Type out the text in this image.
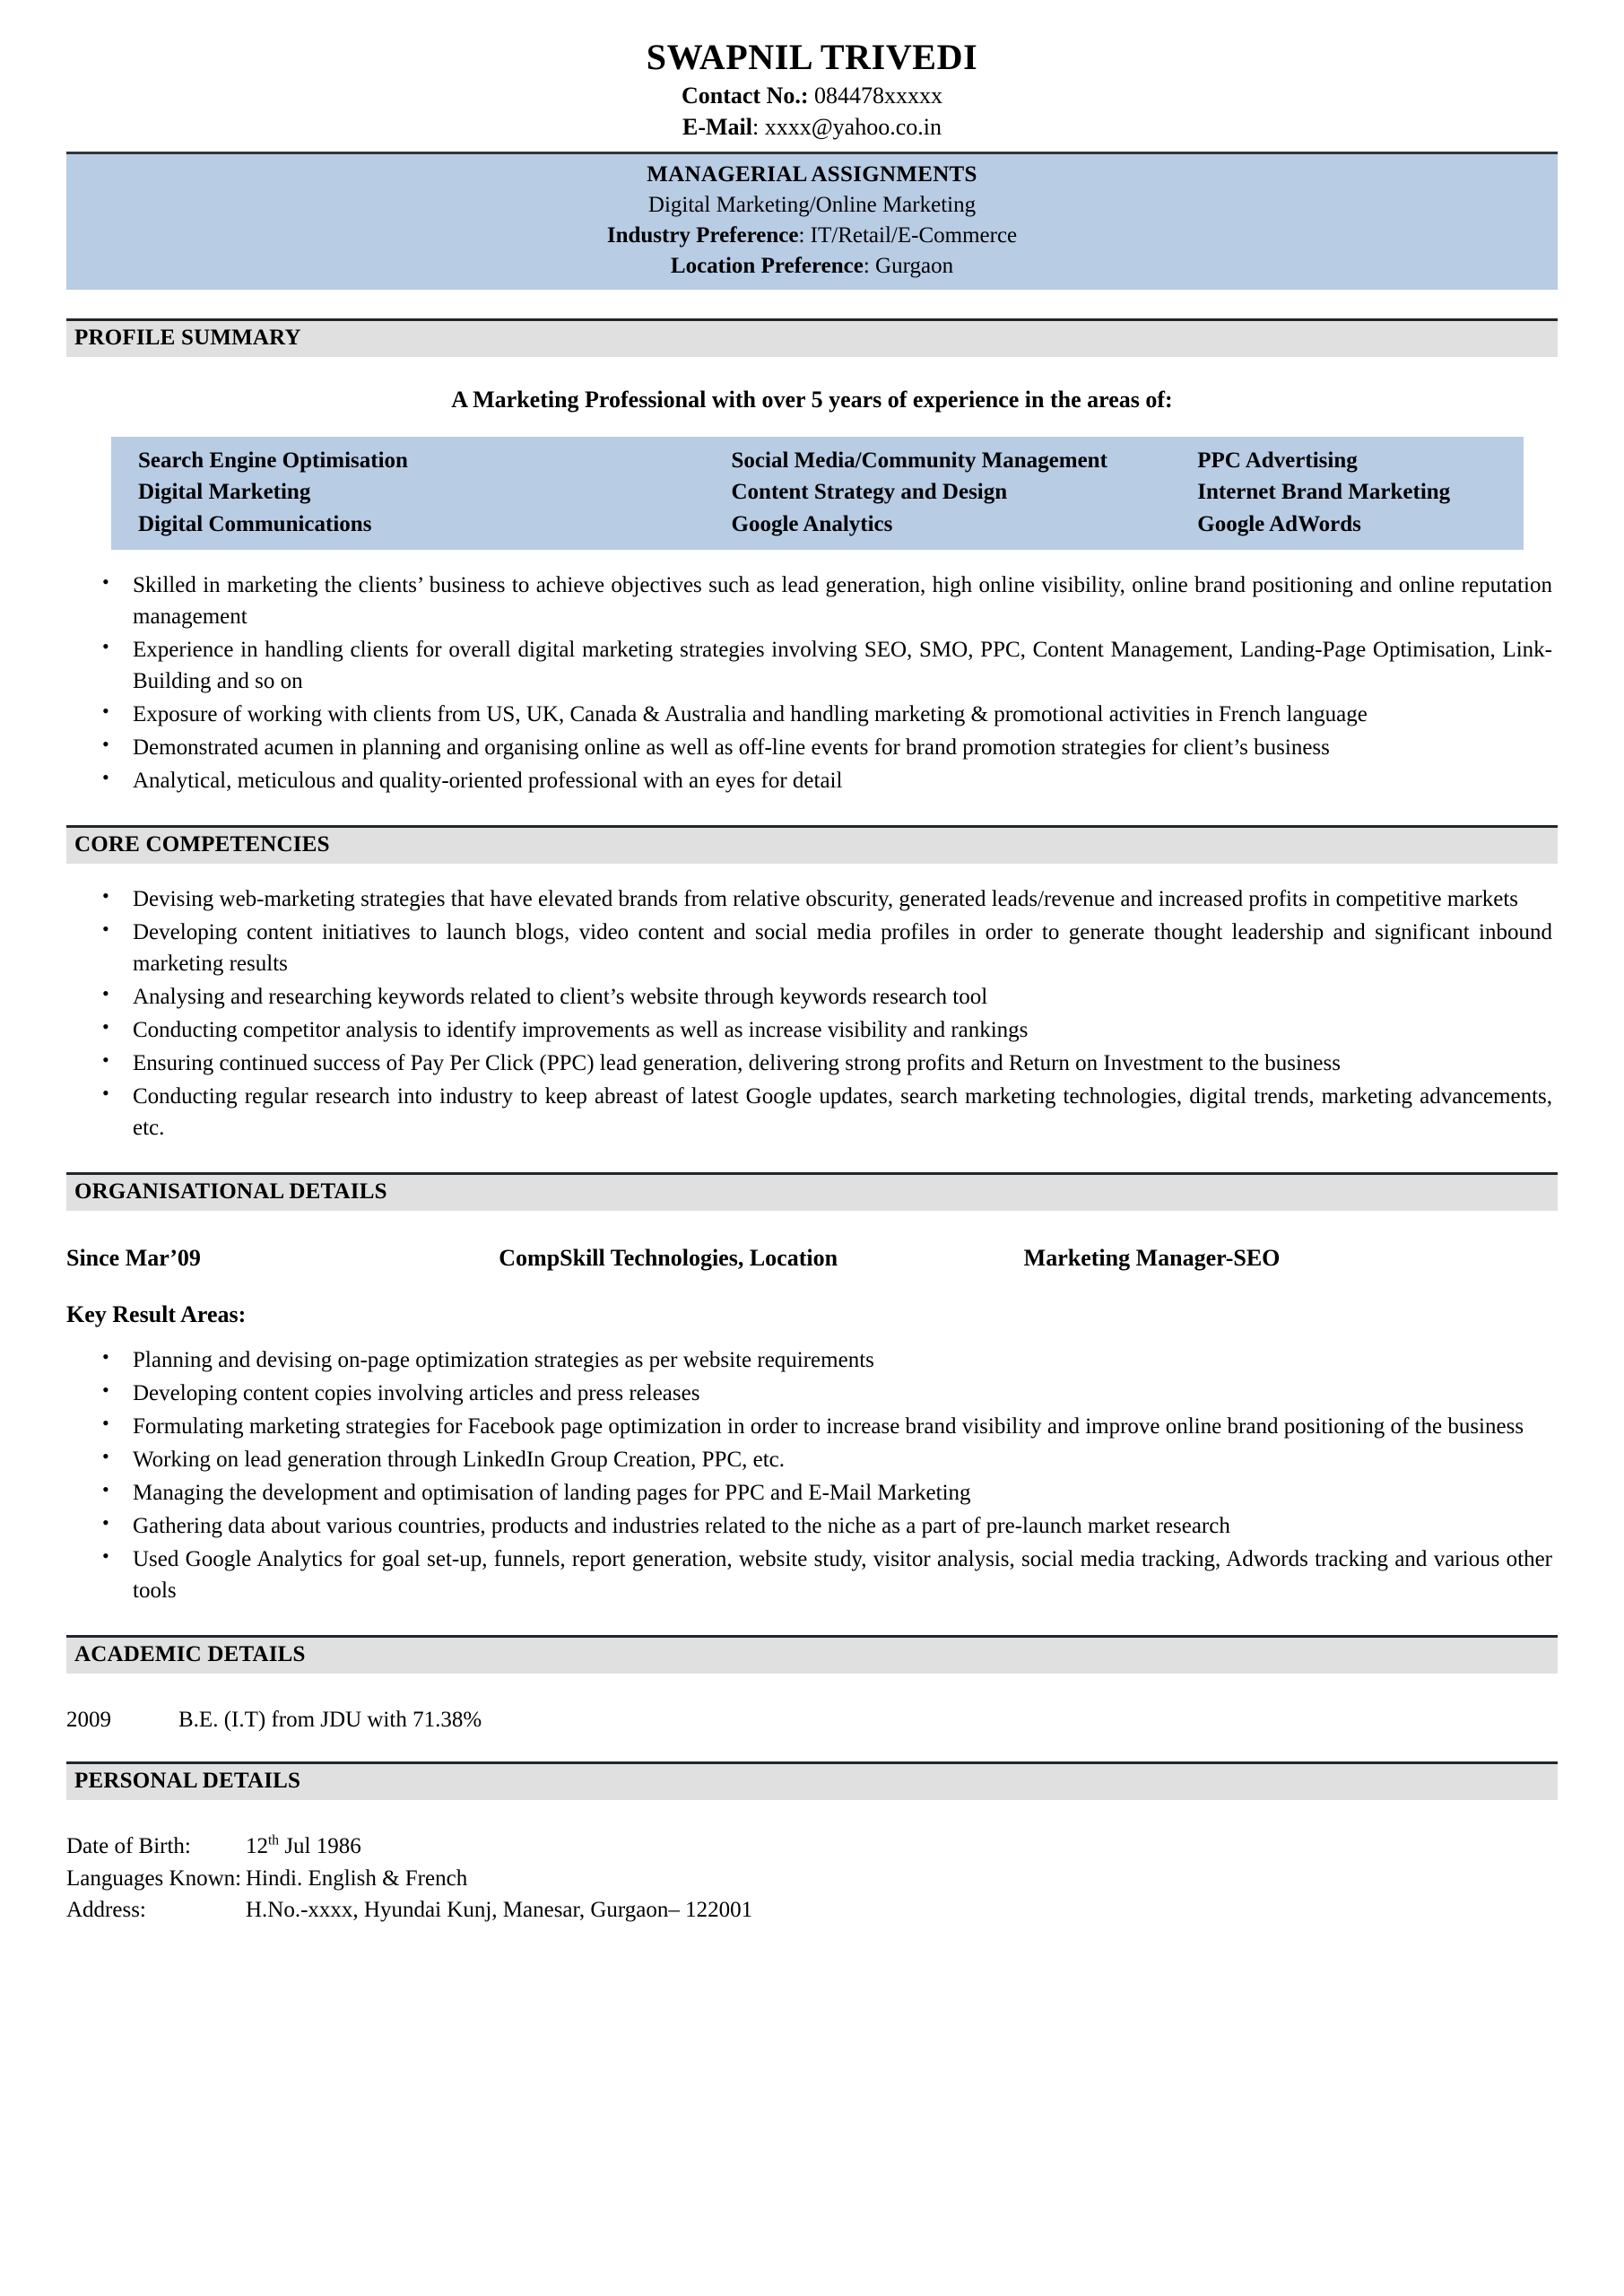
SWAPNIL TRIVEDI
Contact No.: 084478xxxxx
E-Mail: xxxx@yahoo.co.in
MANAGERIAL ASSIGNMENTS
Digital Marketing/Online Marketing
Industry Preference: IT/Retail/E-Commerce
Location Preference: Gurgaon
PROFILE SUMMARY
A Marketing Professional with over 5 years of experience in the areas of:
Search Engine Optimisation	Social Media/Community Management	PPC Advertising
Digital Marketing	Content Strategy and Design	Internet Brand Marketing
Digital Communications	Google Analytics	Google AdWords
• Skilled in marketing the clients’ business to achieve objectives such as lead generation, high online visibility, online brand positioning and online reputation management
• Experience in handling clients for overall digital marketing strategies involving SEO, SMO, PPC, Content Management, Landing-Page Optimisation, Link-Building and so on
• Exposure of working with clients from US, UK, Canada & Australia and handling marketing & promotional activities in French language
• Demonstrated acumen in planning and organising online as well as off-line events for brand promotion strategies for client’s business
• Analytical, meticulous and quality-oriented professional with an eyes for detail
CORE COMPETENCIES
• Devising web-marketing strategies that have elevated brands from relative obscurity, generated leads/revenue and increased profits in competitive markets
• Developing content initiatives to launch blogs, video content and social media profiles in order to generate thought leadership and significant inbound marketing results
• Analysing and researching keywords related to client’s website through keywords research tool
• Conducting competitor analysis to identify improvements as well as increase visibility and rankings
• Ensuring continued success of Pay Per Click (PPC) lead generation, delivering strong profits and Return on Investment to the business
• Conducting regular research into industry to keep abreast of latest Google updates, search marketing technologies, digital trends, marketing advancements, etc.
ORGANISATIONAL DETAILS
Since Mar’09	CompSkill Technologies, Location	Marketing Manager-SEO
Key Result Areas:
• Planning and devising on-page optimization strategies as per website requirements
• Developing content copies involving articles and press releases
• Formulating marketing strategies for Facebook page optimization in order to increase brand visibility and improve online brand positioning of the business
• Working on lead generation through LinkedIn Group Creation, PPC, etc.
• Managing the development and optimisation of landing pages for PPC and E-Mail Marketing
• Gathering data about various countries, products and industries related to the niche as a part of pre-launch market research
• Used Google Analytics for goal set-up, funnels, report generation, website study, visitor analysis, social media tracking, Adwords tracking and various other tools
ACADEMIC DETAILS
2009	B.E. (I.T) from JDU with 71.38%
PERSONAL DETAILS
Date of Birth:	12th Jul 1986
Languages Known: Hindi. English & French
Address:	H.No.-xxxx, Hyundai Kunj, Manesar, Gurgaon– 122001
